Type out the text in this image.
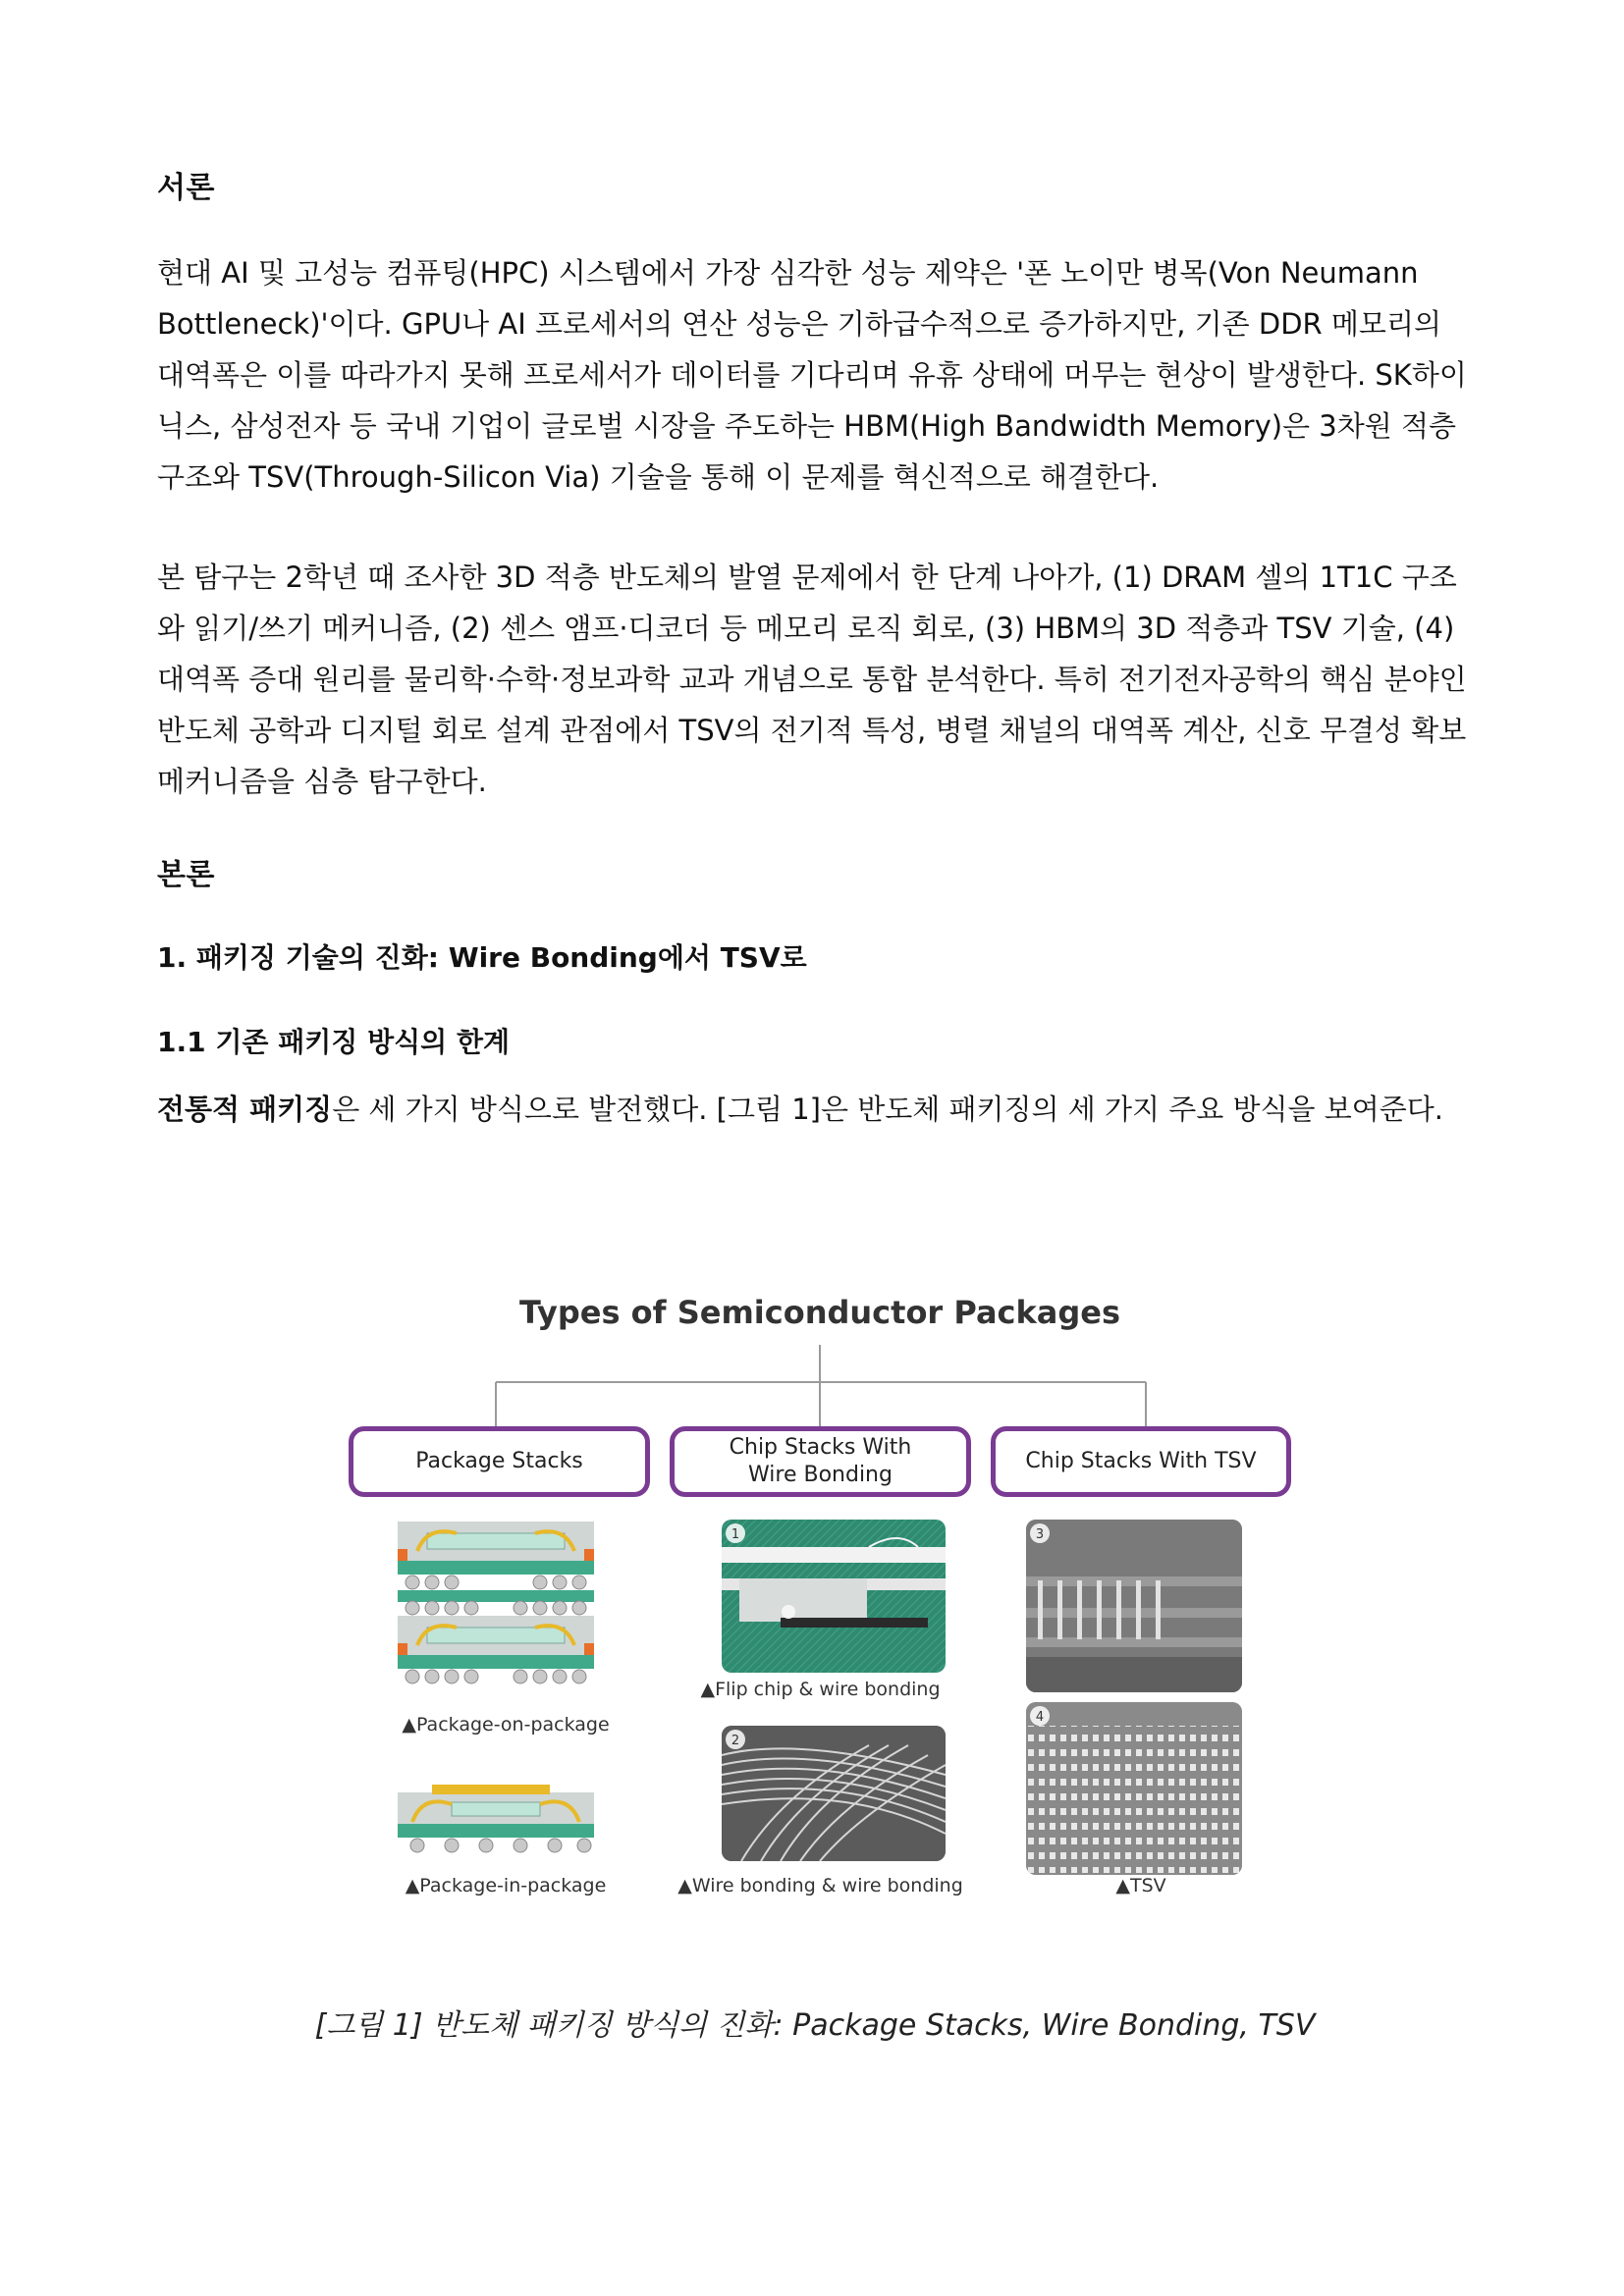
서론

현대 AI 및 고성능 컴퓨팅(HPC) 시스템에서 가장 심각한 성능 제약은 '폰 노이만 병목(Von Neumann Bottleneck)'이다. GPU나 AI 프로세서의 연산 성능은 기하급수적으로 증가하지만, 기존 DDR 메모리의 대역폭은 이를 따라가지 못해 프로세서가 데이터를 기다리며 유휴 상태에 머무는 현상이 발생한다. SK하이닉스, 삼성전자 등 국내 기업이 글로벌 시장을 주도하는 HBM(High Bandwidth Memory)은 3차원 적층 구조와 TSV(Through-Silicon Via) 기술을 통해 이 문제를 혁신적으로 해결한다.

본 탐구는 2학년 때 조사한 3D 적층 반도체의 발열 문제에서 한 단계 나아가, (1) DRAM 셀의 1T1C 구조와 읽기/쓰기 메커니즘, (2) 센스 앰프·디코더 등 메모리 로직 회로, (3) HBM의 3D 적층과 TSV 기술, (4) 대역폭 증대 원리를 물리학·수학·정보과학 교과 개념으로 통합 분석한다. 특히 전기전자공학의 핵심 분야인 반도체 공학과 디지털 회로 설계 관점에서 TSV의 전기적 특성, 병렬 채널의 대역폭 계산, 신호 무결성 확보 메커니즘을 심층 탐구한다.

본론
1. 패키징 기술의 진화: Wire Bonding에서 TSV로
1.1 기존 패키징 방식의 한계

전통적 패키징은 세 가지 방식으로 발전했다. [그림 1]은 반도체 패키징의 세 가지 주요 방식을 보여준다.

Types of Semiconductor Packages
Package Stacks
Chip Stacks With
Wire Bonding
Chip Stacks With TSV
▲Package-on-package
▲Package-in-package
1
▲Flip chip & wire bonding
2
▲Wire bonding & wire bonding
3
4
▲TSV
[그림 1] 반도체 패키징 방식의 진화: Package Stacks, Wire Bonding, TSV
